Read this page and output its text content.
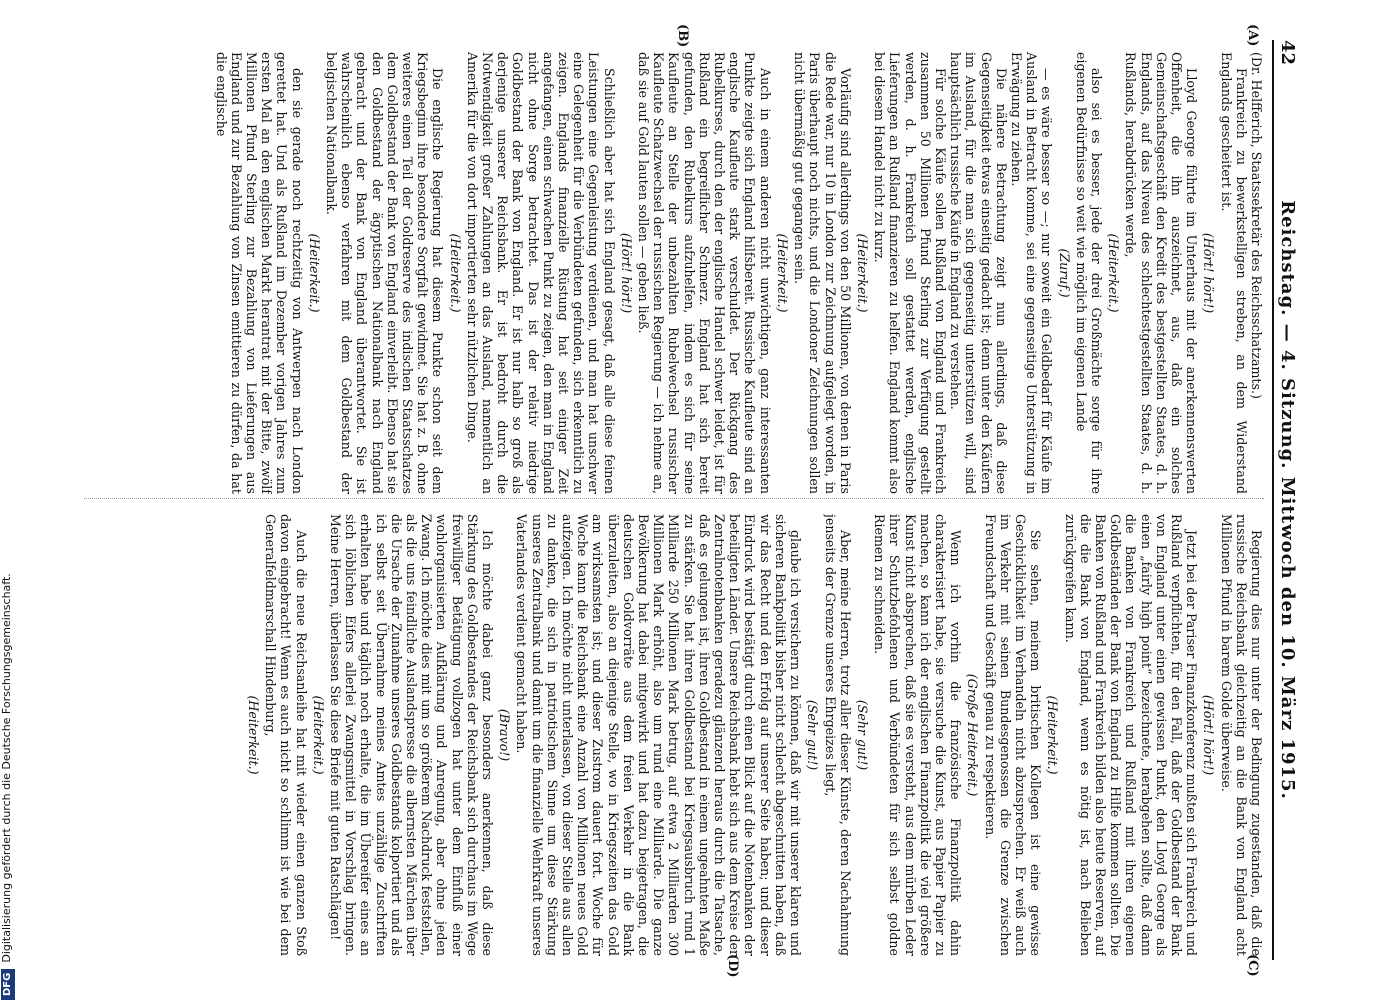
42
Reichstag. — 4. Sitzung. Mittwoch den 10. März 1915.
(A)
(B)
(C)
(D)

(Dr. Helfferich, Staatssekretär des Reichsschatzamts.)

Frankreich zu bewerkstelligen streben, an dem Widerstand Englands gescheitert ist.

(Hört! hört!)

Lloyd George führte im Unterhaus mit der anerkennenswerten Offenheit, die ihn auszeichnet, aus, daß ein solches Gemeinschaftsgeschäft den Kredit des bestgestellten Staates, d. h. Englands, auf das Niveau des schlechtestgestellten Staates, d. h. Rußlands, herabdrücken werde,

(Heiterkeit.)

also sei es besser, jede der drei Großmächte sorge für ihre eigenen Bedürfnisse so weit wie möglich im eigenen Lande

(Zuruf.)

— es wäre besser so —; nur soweit ein Geldbedarf für Käufe im Ausland in Betracht komme, sei eine gegenseitige Unterstützung in Erwägung zu ziehen.

Die nähere Betrachtung zeigt nun allerdings, daß diese Gegenseitigkeit etwas einseitig gedacht ist; denn unter den Käufern im Ausland, für die man sich gegenseitig unterstützen will, sind hauptsächlich russische Käufe in England zu verstehen.

Für solche Käufe sollen Rußland von England und Frankreich zusammen 50 Millionen Pfund Sterling zur Verfügung gestellt werden, d. h. Frankreich soll gestattet werden, englische Lieferungen an Rußland finanzieren zu helfen. England kommt also bei diesem Handel nicht zu kurz.

(Heiterkeit.)

Vorläufig sind allerdings von den 50 Millionen, von denen in Paris die Rede war, nur 10 in London zur Zeichnung aufgelegt worden, in Paris überhaupt noch nichts, und die Londoner Zeichnungen sollen nicht übermäßig gut gegangen sein.

(Heiterkeit.)

Auch in einem anderen nicht unwichtigen, ganz interessanten Punkte zeigte sich England hilfsbereit. Russische Kaufleute sind an englische Kaufleute stark verschuldet. Der Rückgang des Rubelkurses, durch den der englische Handel schwer leidet, ist für Rußland ein begreiflicher Schmerz. England hat sich bereit gefunden, den Rubelkurs aufzuhelfen, indem es sich für seine Kaufleute an Stelle der unbezahlten Rubelwechsel russischer Kaufleute Schatzwechsel der russischen Regierung — ich nehme an, daß sie auf Gold lauten sollen — geben ließ.

(Hört! hört!)

Schließlich aber hat sich England gesagt, daß alle diese feinen Leistungen eine Gegenleistung verdienen, und man hat unschwer eine Gelegenheit für die Verbündeten gefunden, sich erkenntlich zu zeigen. Englands finanzielle Rüstung hat seit einiger Zeit angefangen, einen schwachen Punkt zu zeigen, den man in England nicht ohne Sorge betrachtet. Das ist der relativ niedrige Goldbestand der Bank von England. Er ist nur halb so groß als derjenige unserer Reichsbank. Er ist bedroht durch die Notwendigkeit großer Zahlungen an das Ausland, namentlich an Amerika für die von dort importierten sehr nützlichen Dinge.

(Heiterkeit.)

Die englische Regierung hat diesem Punkte schon seit dem Kriegsbeginn ihre besondere Sorgfalt gewidmet. Sie hat z. B. ohne weiteres einen Teil der Goldreserve des indischen Staatsschatzes dem Goldbestand der Bank von England einverleibt. Ebenso hat sie den Goldbestand der ägyptischen Nationalbank nach England gebracht und der Bank von England überantwortet. Sie ist wahrscheinlich ebenso verfahren mit dem Goldbestand der belgischen Nationalbank.

(Heiterkeit.)

den sie gerade noch rechtzeitig von Antwerpen nach London gerettet hat. Und als Rußland im Dezember vorigen Jahres zum ersten Mal an den englischen Markt herantrat mit der Bitte, zwölf Millionen Pfund Sterling zur Bezahlung von Lieferungen aus England und zur Bezahlung von Zinsen emittieren zu dürfen, da hat die englische

Regierung dies nur unter der Bedingung zugestanden, daß die russische Reichsbank gleichzeitig an die Bank von England acht Millionen Pfund in barem Golde überweise.

(Hört! hört!)

Jetzt bei der Pariser Finanzkonferenz mußten sich Frankreich und Rußland verpflichten, für den Fall, daß der Goldbestand der Bank von England unter einen gewissen Punkt, den Lloyd George als einen „fairly high point“ bezeichnete, herabgehen sollte, daß dann die Banken von Frankreich und Rußland mit ihren eigenen Goldbeständen der Bank von England zu Hilfe kommen sollten. Die Banken von Rußland und Frankreich bilden also heute Reserven, auf die die Bank von England, wenn es nötig ist, nach Belieben zurückgreifen kann.

(Heiterkeit.)

Sie sehen, meinem britischen Kollegen ist eine gewisse Geschicklichkeit im Verhandeln nicht abzusprechen. Er weiß auch im Verkehr mit seinen Bundesgenossen die Grenze zwischen Freundschaft und Geschäft genau zu respektieren.

(Große Heiterkeit.)

Wenn ich vorhin die französische Finanzpolitik dahin charakterisiert habe, sie versuche die Kunst, aus Papier Papier zu machen, so kann ich der englischen Finanzpolitik die viel größere Kunst nicht absprechen, daß sie es versteht, aus dem mürben Leder ihrer Schutzbefohlenen und Verbündeten für sich selbst goldne Riemen zu schneiden.

(Sehr gut!)

Aber, meine Herren, trotz aller dieser Künste, deren Nachahmung jenseits der Grenze unseres Ehrgeizes liegt,

(Sehr gut!)

glaube ich versichern zu können, daß wir mit unserer klaren und sicheren Bankpolitik bisher nicht schlecht abgeschnitten haben, daß wir das Recht und den Erfolg auf unserer Seite haben; und dieser Eindruck wird bestätigt durch einen Blick auf die Notenbanken der beteiligten Länder. Unsere Reichsbank hebt sich aus dem Kreise der Zentralnotenbanken geradezu glänzend heraus durch die Tatsache, daß es gelungen ist, ihren Goldbestand in einem ungeahnten Maße zu stärken. Sie hat ihren Goldbestand bei Kriegsausbruch rund 1 Milliarde 250 Millionen Mark betrug, auf etwa 2 Milliarden 300 Millionen Mark erhöht, also um rund eine Milliarde. Die ganze Bevölkerung hat dabei mitgewirkt und hat dazu beigetragen, die deutschen Goldvorräte aus dem freien Verkehr in die Bank überzuleiten, also an diejenige Stelle, wo in Kriegszeiten das Gold am wirksamsten ist; und dieser Zustrom dauert fort. Woche für Woche kann die Reichsbank eine Anzahl von Millionen neues Gold aufzeigen. Ich möchte nicht unterlassen, von dieser Stelle aus allen zu danken, die sich in patriotischem Sinne um diese Stärkung unseres Zentralbank und damit um die finanzielle Wehrkraft unseres Vaterlandes verdient gemacht haben.

(Bravo!)

Ich möchte dabei ganz besonders anerkennen, daß diese Stärkung des Goldbestandes der Reichsbank sich durchaus im Wege freiwilliger Betätigung vollzogen hat unter dem Einfluß einer wohlorganisierten Aufklärung und Anregung, aber ohne jeden Zwang. Ich möchte dies mit um so größerem Nachdruck feststellen, als die uns feindliche Auslandspresse die albernsten Märchen über die Ursache der Zunahme unseres Goldbestands kolportiert und als ich selbst seit Übernahme meines Amtes unzählige Zuschriften erhalten habe und täglich noch erhalte, die im Übereifer eines an sich löblichen Eifers allerlei Zwangsmittel in Vorschlag bringen. Meine Herren, überlassen Sie diese Briefe mit guten Ratschlägen!

(Heiterkeit.)

Auch die neue Reichsanleihe hat mit wieder einen ganzen Stoß davon eingebracht! Wenn es auch nicht so schlimm ist wie bei dem Generalfeldmarschall Hindenburg,

(Heiterkeit.)
DFGDigitalisierung gefördert durch die Deutsche Forschungsgemeinschaft.
